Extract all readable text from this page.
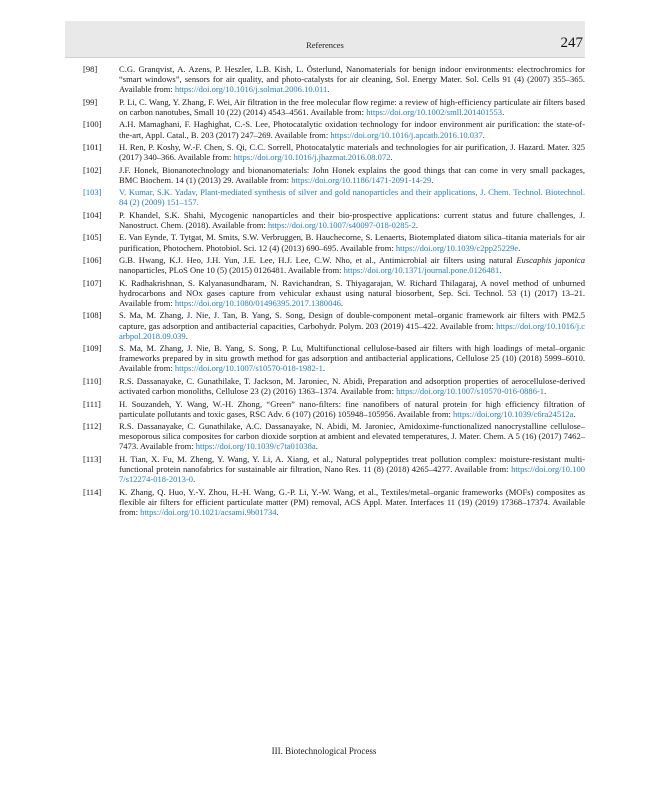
References	247
[98]	C.G. Granqvist, A. Azens, P. Heszler, L.B. Kish, L. Österlund, Nanomaterials for benign indoor environments: electrochromics for “smart windows”, sensors for air quality, and photo-catalysts for air cleaning, Sol. Energy Mater. Sol. Cells 91 (4) (2007) 355–365. Available from: https://doi.org/10.1016/j.solmat.2006.10.011.
[99]	P. Li, C. Wang, Y. Zhang, F. Wei, Air filtration in the free molecular flow regime: a review of high-efficiency particulate air filters based on carbon nanotubes, Small 10 (22) (2014) 4543–4561. Available from: https://doi.org/10.1002/smll.201401553.
[100]	A.H. Mamaghani, F. Haghighat, C.-S. Lee, Photocatalytic oxidation technology for indoor environment air purification: the state-of-the-art, Appl. Catal., B. 203 (2017) 247–269. Available from: https://doi.org/10.1016/j.apcatb.2016.10.037.
[101]	H. Ren, P. Koshy, W.-F. Chen, S. Qi, C.C. Sorrell, Photocatalytic materials and technologies for air purification, J. Hazard. Mater. 325 (2017) 340–366. Available from: https://doi.org/10.1016/j.jhazmat.2016.08.072.
[102]	J.F. Honek, Bionanotechnology and bionanomaterials: John Honek explains the good things that can come in very small packages, BMC Biochem. 14 (1) (2013) 29. Available from: https://doi.org/10.1186/1471-2091-14-29.
[103]	V. Kumar, S.K. Yadav, Plant-mediated synthesis of silver and gold nanoparticles and their applications, J. Chem. Technol. Biotechnol. 84 (2) (2009) 151–157.
[104]	P. Khandel, S.K. Shahi, Mycogenic nanoparticles and their bio-prospective applications: current status and future challenges, J. Nanostruct. Chem. (2018). Available from: https://doi.org/10.1007/s40097-018-0285-2.
[105]	E. Van Eynde, T. Tytgat, M. Smits, S.W. Verbruggen, B. Hauchecorne, S. Lenaerts, Biotemplated diatom silica–titania materials for air purification, Photochem. Photobiol. Sci. 12 (4) (2013) 690–695. Available from: https://doi.org/10.1039/c2pp25229e.
[106]	G.B. Hwang, K.J. Heo, J.H. Yun, J.E. Lee, H.J. Lee, C.W. Nho, et al., Antimicrobial air filters using natural Euscaphis japonica nanoparticles, PLoS One 10 (5) (2015) 0126481. Available from: https://doi.org/10.1371/journal.pone.0126481.
[107]	K. Radhakrishnan, S. Kalyanasundharam, N. Ravichandran, S. Thiyagarajan, W. Richard Thilagaraj, A novel method of unburned hydrocarbons and NOx gases capture from vehicular exhaust using natural biosorbent, Sep. Sci. Technol. 53 (1) (2017) 13–21. Available from: https://doi.org/10.1080/01496395.2017.1380046.
[108]	S. Ma, M. Zhang, J. Nie, J. Tan, B. Yang, S. Song, Design of double-component metal–organic framework air filters with PM2.5 capture, gas adsorption and antibacterial capacities, Carbohydr. Polym. 203 (2019) 415–422. Available from: https://doi.org/10.1016/j.carbpol.2018.09.039.
[109]	S. Ma, M. Zhang, J. Nie, B. Yang, S. Song, P. Lu, Multifunctional cellulose-based air filters with high loadings of metal–organic frameworks prepared by in situ growth method for gas adsorption and antibacterial applications, Cellulose 25 (10) (2018) 5999–6010. Available from: https://doi.org/10.1007/s10570-018-1982-1.
[110]	R.S. Dassanayake, C. Gunathilake, T. Jackson, M. Jaroniec, N. Abidi, Preparation and adsorption properties of aerocellulose-derived activated carbon monoliths, Cellulose 23 (2) (2016) 1363–1374. Available from: https://doi.org/10.1007/s10570-016-0886-1.
[111]	H. Souzandeh, Y. Wang, W.-H. Zhong, “Green” nano-filters: fine nanofibers of natural protein for high efficiency filtration of particulate pollutants and toxic gases, RSC Adv. 6 (107) (2016) 105948–105956. Available from: https://doi.org/10.1039/c6ra24512a.
[112]	R.S. Dassanayake, C. Gunathilake, A.C. Dassanayake, N. Abidi, M. Jaroniec, Amidoxime-functionalized nanocrystalline cellulose–mesoporous silica composites for carbon dioxide sorption at ambient and elevated temperatures, J. Mater. Chem. A 5 (16) (2017) 7462–7473. Available from: https://doi.org/10.1039/c7ta01038a.
[113]	H. Tian, X. Fu, M. Zheng, Y. Wang, Y. Li, A. Xiang, et al., Natural polypeptides treat pollution complex: moisture-resistant multi-functional protein nanofabrics for sustainable air filtration, Nano Res. 11 (8) (2018) 4265–4277. Available from: https://doi.org/10.1007/s12274-018-2013-0.
[114]	K. Zhang, Q. Huo, Y.-Y. Zhou, H.-H. Wang, G.-P. Li, Y.-W. Wang, et al., Textiles/metal–organic frameworks (MOFs) composites as flexible air filters for efficient particulate matter (PM) removal, ACS Appl. Mater. Interfaces 11 (19) (2019) 17368–17374. Available from: https://doi.org/10.1021/acsami.9b01734.
III. Biotechnological Process
